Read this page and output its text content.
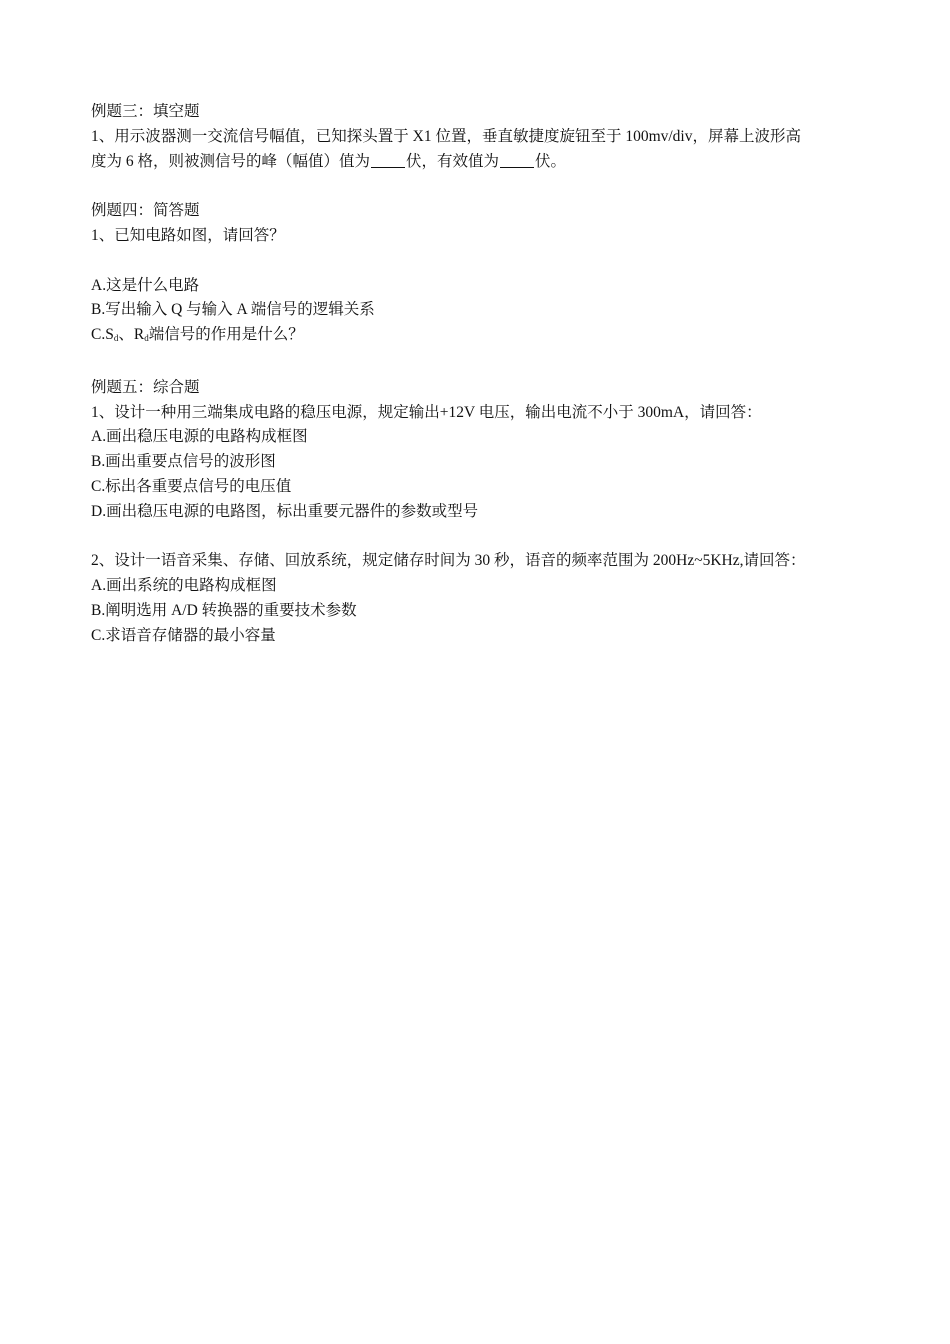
例题三：填空题
1、用示波器测一交流信号幅值，已知探头置于 X1 位置，垂直敏捷度旋钮至于 100mv/div，屏幕上波形高
度为 6 格，则被测信号的峰（幅值）值为 伏，有效值为 伏。
例题四：简答题
1、已知电路如图，请回答？
A.这是什么电路
B.写出输入 Q 与输入 A 端信号的逻辑关系
$C.S_d$、$R_d$端信号的作用是什么？
例题五：综合题
1、设计一种用三端集成电路的稳压电源，规定输出+12V 电压，输出电流不小于 300mA，请回答：
A.画出稳压电源的电路构成框图
B.画出重要点信号的波形图
C.标出各重要点信号的电压值
D.画出稳压电源的电路图，标出重要元器件的参数或型号
2、设计一语音采集、存储、回放系统，规定储存时间为 30 秒，语音的频率范围为 200Hz~5KHz,请回答：
A.画出系统的电路构成框图
B.阐明选用 A/D 转换器的重要技术参数
C.求语音存储器的最小容量
